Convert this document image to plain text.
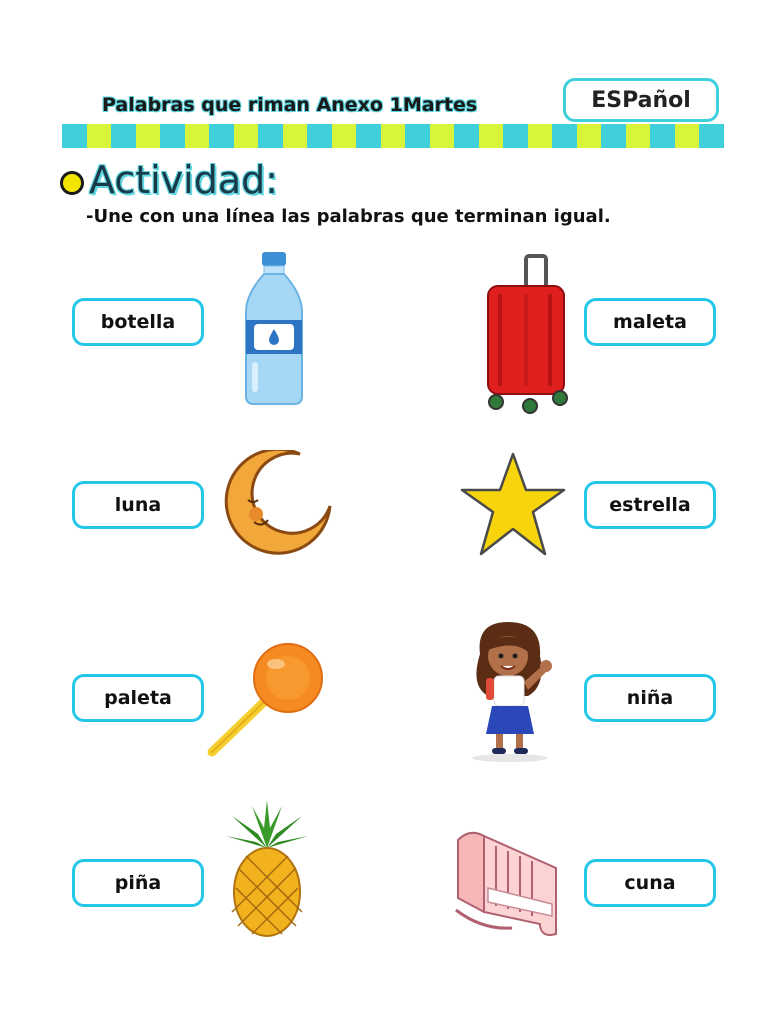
Palabras que riman Anexo 1Martes	ESPañol
Actividad:
-Une con una línea las palabras que terminan igual.
botella
luna
paleta
piña
maleta
estrella
niña
cuna
